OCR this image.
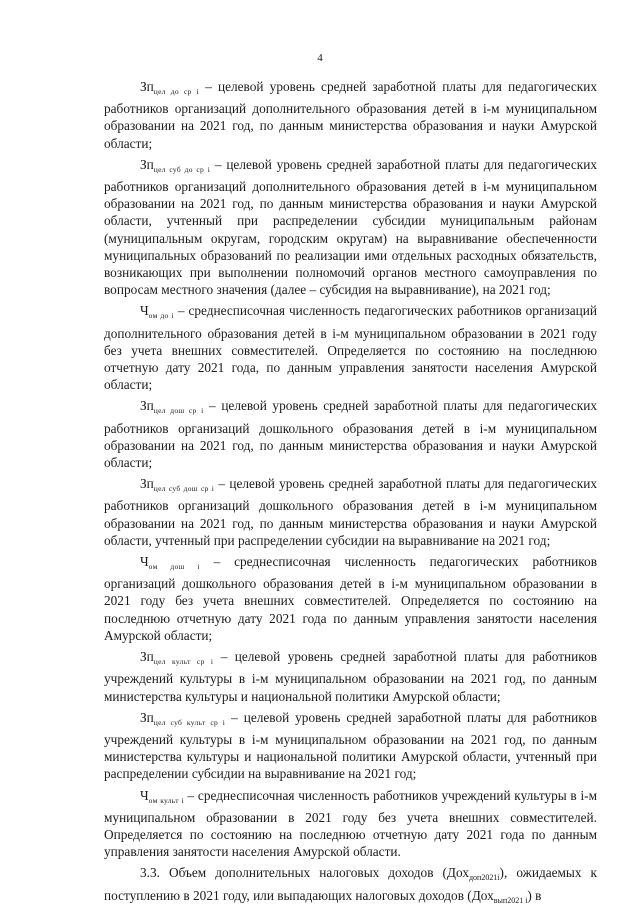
4

$Зп_{цел до ср i}$ – целевой уровень средней заработной платы для педагогических работников организаций дополнительного образования детей в i-м муниципальном образовании на 2021 год, по данным министерства образования и науки Амурской области;

$Зп_{цел суб до ср i}$ – целевой уровень средней заработной платы для педагогических работников организаций дополнительного образования детей в i-м муниципальном образовании на 2021 год, по данным министерства образования и науки Амурской области, учтенный при распределении субсидии муниципальным районам (муниципальным округам, городским округам) на выравнивание обеспеченности муниципальных образований по реализации ими отдельных расходных обязательств, возникающих при выполнении полномочий органов местного самоуправления по вопросам местного значения (далее – субсидия на выравнивание), на 2021 год;

$Ч_{ом до i}$ – среднесписочная численность педагогических работников организаций дополнительного образования детей в i-м муниципальном образовании в 2021 году без учета внешних совместителей. Определяется по состоянию на последнюю отчетную дату 2021 года, по данным управления занятости населения Амурской области;

$Зп_{цел дош ср i}$ – целевой уровень средней заработной платы для педагогических работников организаций дошкольного образования детей в i-м муниципальном образовании на 2021 год, по данным министерства образования и науки Амурской области;

$Зп_{цел суб дош ср i}$ – целевой уровень средней заработной платы для педагогических работников организаций дошкольного образования детей в i-м муниципальном образовании на 2021 год, по данным министерства образования и науки Амурской области, учтенный при распределении субсидии на выравнивание на 2021 год;

$Ч_{ом дош i}$ – среднесписочная численность педагогических работников организаций дошкольного образования детей в i-м муниципальном образовании в 2021 году без учета внешних совместителей. Определяется по состоянию на последнюю отчетную дату 2021 года по данным управления занятости населения Амурской области;

$Зп_{цел культ ср i}$ – целевой уровень средней заработной платы для работников учреждений культуры в i-м муниципальном образовании на 2021 год, по данным министерства культуры и национальной политики Амурской области;

$Зп_{цел суб культ ср i}$ – целевой уровень средней заработной платы для работников учреждений культуры в i-м муниципальном образовании на 2021 год, по данным министерства культуры и национальной политики Амурской области, учтенный при распределении субсидии на выравнивание на 2021 год;

$Ч_{ом культ i}$ – среднесписочная численность работников учреждений культуры в i-м муниципальном образовании в 2021 году без учета внешних совместителей. Определяется по состоянию на последнюю отчетную дату 2021 года по данным управления занятости населения Амурской области.

3.3. Объем дополнительных налоговых доходов (Дох$_{доп2021i}$), ожидаемых к поступлению в 2021 году, или выпадающих налоговых доходов (Дох$_{вып2021 i}$) в
